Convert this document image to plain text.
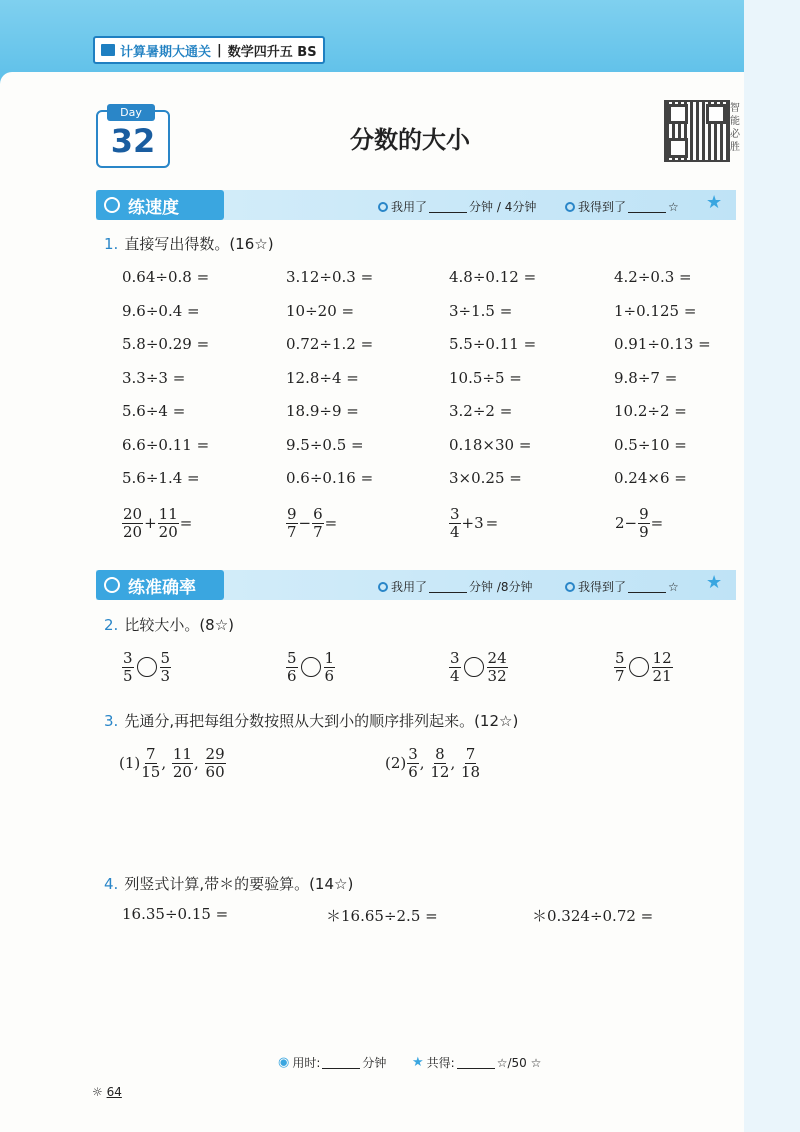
计算暑期大通关 | 数学四升五 BS
Day
32	分数的大小
智能必胜
练速度	我用了	分钟 / 4分钟	我得到了	☆ ★
1. 直接写出得数。(16☆)
0.64÷0.8 =	3.12÷0.3 =	4.8÷0.12 =	4.2÷0.3 =
9.6÷0.4 =	10÷20 =	3÷1.5 =	1÷0.125 =
5.8÷0.29 =	0.72÷1.2 =	5.5÷0.11 =	0.91÷0.13 =
3.3÷3 =	12.8÷4 =	10.5÷5 =	9.8÷7 =
5.6÷4 =	18.9÷9 =	3.2÷2 =	10.2÷2 =
6.6÷0.11 =	9.5÷0.5 =	0.18×30 =	0.5÷10 =
5.6÷1.4 =	0.6÷0.16 =	3×0.25 =	0.24×6 =
$\frac{20}{20} + \frac{11}{20}$ =	$\frac{9}{7} - \frac{6}{7}$ =	$\frac{3}{4} +3$ =	$2- \frac{9}{9}$ =
练准确率	我用了	分钟 /8分钟	我得到了	☆ ★
2. 比较大小。(8☆)
$\frac{3}{5} \frac{5}{3}$	$\frac{5}{6} \frac{1}{6}$	$\frac{3}{4} \frac{24}{32}$	$\frac{5}{7} \frac{12}{21}$
3. 先通分,再把每组分数按照从大到小的顺序排列起来。(12☆)
$(1) \frac{7}{15}$ , $\frac{11}{20}$ , $\frac{29}{60}$	$(2) \frac{3}{6}$ , $\frac{8}{12}$ , $\frac{7}{18}$
4. 列竖式计算,带＊的要验算。(14☆)
16.35÷0.15 =	＊16.65÷2.5 =	＊0.324÷0.72 =
◉ 用时:	分钟 ★ 共得:	☆/50 ☆
☼ 64
